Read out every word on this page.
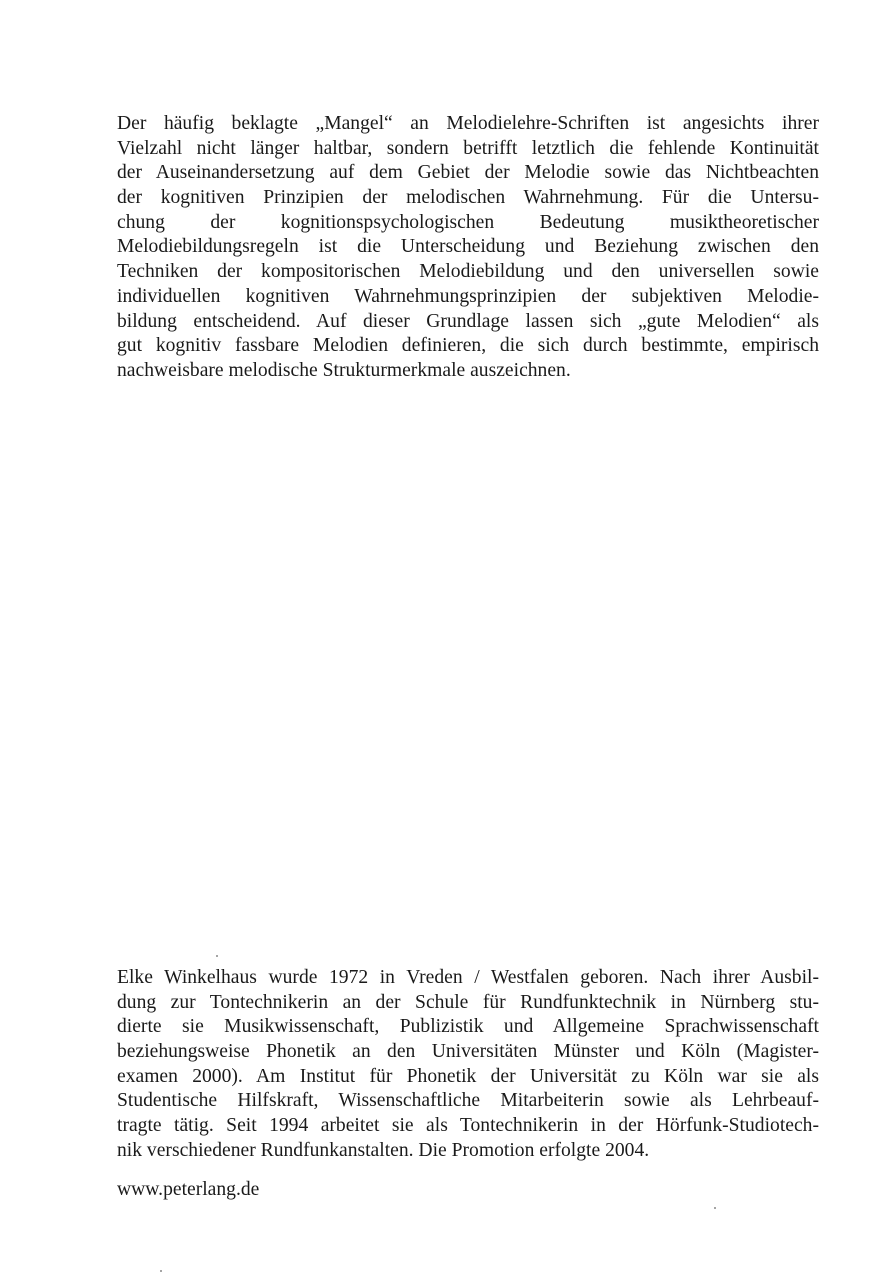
Der häufig beklagte „Mangel“ an Melodielehre-Schriften ist angesichts ihrer
Vielzahl nicht länger haltbar, sondern betrifft letztlich die fehlende Kontinuität
der Auseinandersetzung auf dem Gebiet der Melodie sowie das Nichtbeachten
der kognitiven Prinzipien der melodischen Wahrnehmung. Für die Untersu-
chung der kognitionspsychologischen Bedeutung musiktheoretischer
Melodiebildungsregeln ist die Unterscheidung und Beziehung zwischen den
Techniken der kompositorischen Melodiebildung und den universellen sowie
individuellen kognitiven Wahrnehmungsprinzipien der subjektiven Melodie-
bildung entscheidend. Auf dieser Grundlage lassen sich „gute Melodien“ als
gut kognitiv fassbare Melodien definieren, die sich durch bestimmte, empirisch
nachweisbare melodische Strukturmerkmale auszeichnen.
Elke Winkelhaus wurde 1972 in Vreden / Westfalen geboren. Nach ihrer Ausbil-
dung zur Tontechnikerin an der Schule für Rundfunktechnik in Nürnberg stu-
dierte sie Musikwissenschaft, Publizistik und Allgemeine Sprachwissenschaft
beziehungsweise Phonetik an den Universitäten Münster und Köln (Magister-
examen 2000). Am Institut für Phonetik der Universität zu Köln war sie als
Studentische Hilfskraft, Wissenschaftliche Mitarbeiterin sowie als Lehrbeauf-
tragte tätig. Seit 1994 arbeitet sie als Tontechnikerin in der Hörfunk-Studiotech-
nik verschiedener Rundfunkanstalten. Die Promotion erfolgte 2004.
www.peterlang.de
